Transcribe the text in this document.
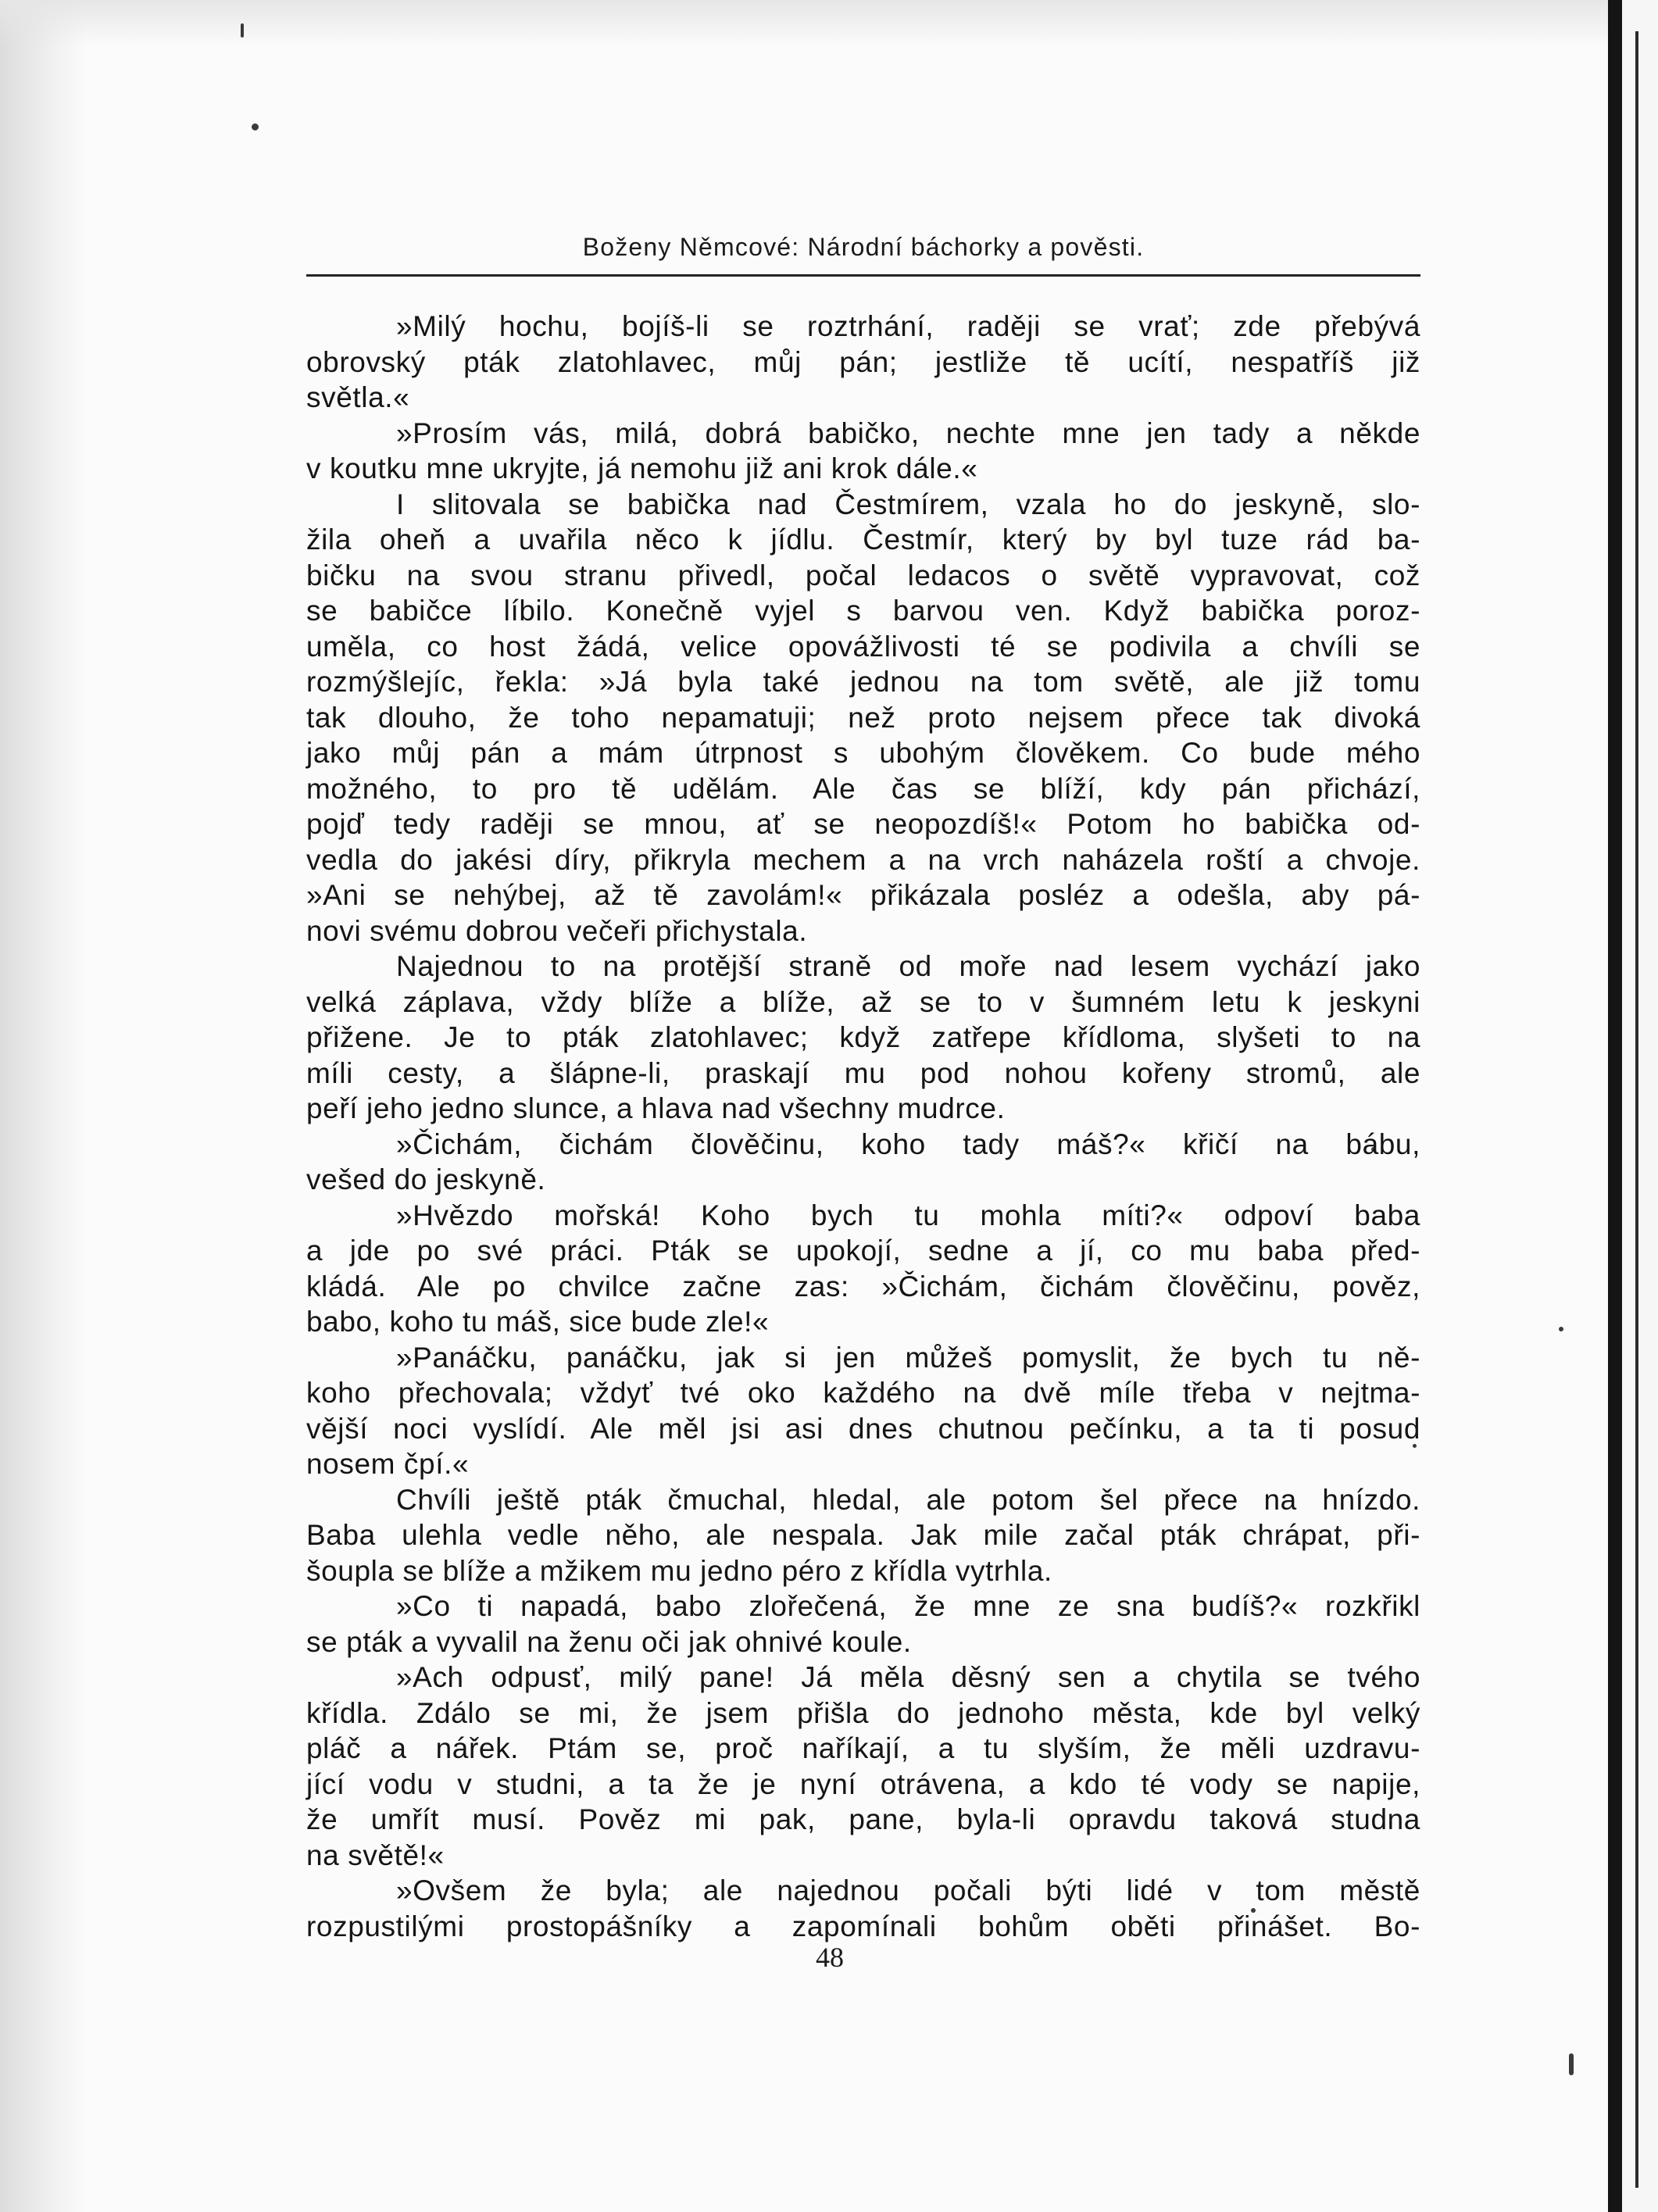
Boženy Němcové: Národní báchorky a pověsti.
»Milý hochu, bojíš-li se roztrhání, raději se vrať; zde přebývá
obrovský pták zlatohlavec, můj pán; jestliže tě ucítí, nespatříš již
světla.«
»Prosím vás, milá, dobrá babičko, nechte mne jen tady a někde
v koutku mne ukryjte, já nemohu již ani krok dále.«
I slitovala se babička nad Čestmírem, vzala ho do jeskyně, slo-
žila oheň a uvařila něco k jídlu. Čestmír, který by byl tuze rád ba-
bičku na svou stranu přivedl, počal ledacos o světě vypravovat, což
se babičce líbilo. Konečně vyjel s barvou ven. Když babička poroz-
uměla, co host žádá, velice opovážlivosti té se podivila a chvíli se
rozmýšlejíc, řekla: »Já byla také jednou na tom světě, ale již tomu
tak dlouho, že toho nepamatuji; než proto nejsem přece tak divoká
jako můj pán a mám útrpnost s ubohým člověkem. Co bude mého
možného, to pro tě udělám. Ale čas se blíží, kdy pán přichází,
pojď tedy raději se mnou, ať se neopozdíš!« Potom ho babička od-
vedla do jakési díry, přikryla mechem a na vrch naházela roští a chvoje.
»Ani se nehýbej, až tě zavolám!« přikázala posléz a odešla, aby pá-
novi svému dobrou večeři přichystala.
Najednou to na protější straně od moře nad lesem vychází jako
velká záplava, vždy blíže a blíže, až se to v šumném letu k jeskyni
přižene. Je to pták zlatohlavec; když zatřepe křídloma, slyšeti to na
míli cesty, a šlápne-li, praskají mu pod nohou kořeny stromů, ale
peří jeho jedno slunce, a hlava nad všechny mudrce.
»Čichám, čichám člověčinu, koho tady máš?« křičí na bábu,
vešed do jeskyně.
»Hvězdo mořská! Koho bych tu mohla míti?« odpoví baba
a jde po své práci. Pták se upokojí, sedne a jí, co mu baba před-
kládá. Ale po chvilce začne zas: »Čichám, čichám člověčinu, pověz,
babo, koho tu máš, sice bude zle!«
»Panáčku, panáčku, jak si jen můžeš pomyslit, že bych tu ně-
koho přechovala; vždyť tvé oko každého na dvě míle třeba v nejtma-
vější noci vyslídí. Ale měl jsi asi dnes chutnou pečínku, a ta ti posud
nosem čpí.«
Chvíli ještě pták čmuchal, hledal, ale potom šel přece na hnízdo.
Baba ulehla vedle něho, ale nespala. Jak mile začal pták chrápat, při-
šoupla se blíže a mžikem mu jedno péro z křídla vytrhla.
»Co ti napadá, babo zlořečená, že mne ze sna budíš?« rozkřikl
se pták a vyvalil na ženu oči jak ohnivé koule.
»Ach odpusť, milý pane! Já měla děsný sen a chytila se tvého
křídla. Zdálo se mi, že jsem přišla do jednoho města, kde byl velký
pláč a nářek. Ptám se, proč naříkají, a tu slyším, že měli uzdravu-
jící vodu v studni, a ta že je nyní otrávena, a kdo té vody se napije,
že umřít musí. Pověz mi pak, pane, byla-li opravdu taková studna
na světě!«
»Ovšem že byla; ale najednou počali býti lidé v tom městě
rozpustilými prostopášníky a zapomínali bohům oběti přinášet. Bo-
48
